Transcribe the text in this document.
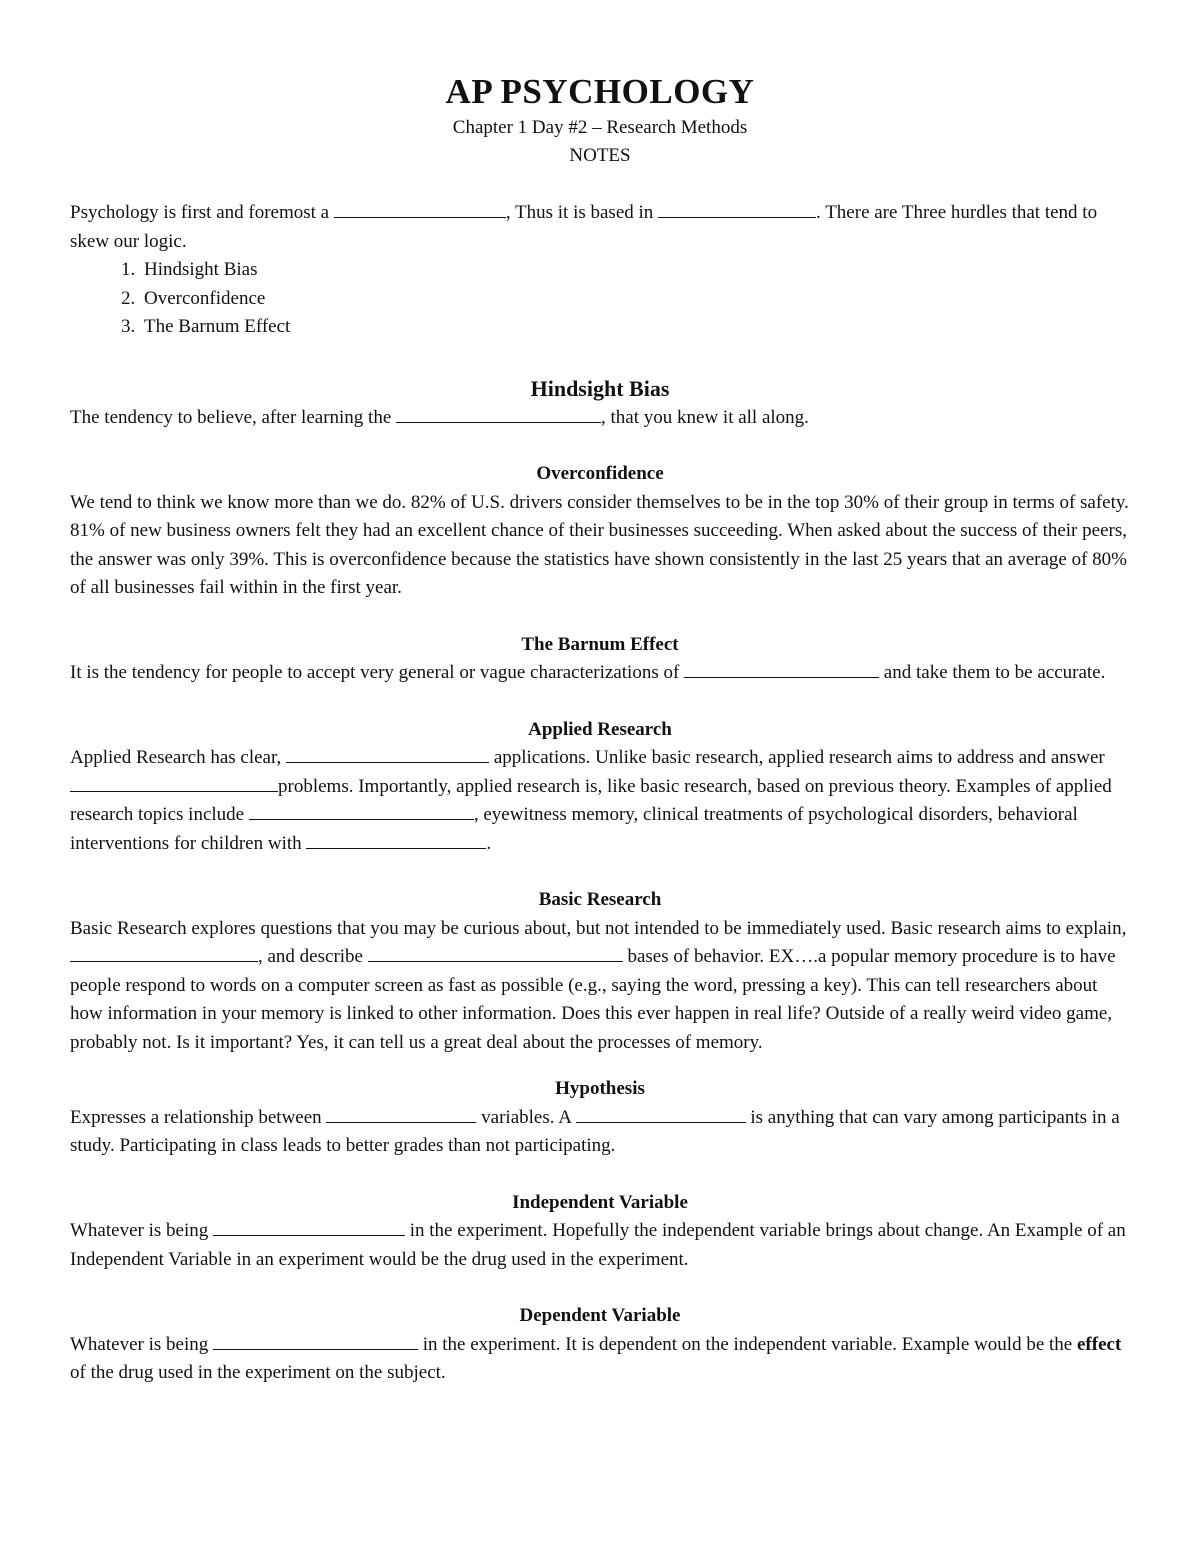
AP PSYCHOLOGY
Chapter 1 Day #2 – Research Methods
NOTES

Psychology is first and foremost a	, Thus it is based in	. There are Three hurdles that tend to skew our logic.

1. Hindsight Bias
2. Overconfidence
3. The Barnum Effect
Hindsight Bias

The tendency to believe, after learning the	, that you knew it all along.

Overconfidence

We tend to think we know more than we do. 82% of U.S. drivers consider themselves to be in the top 30% of their group in terms of safety. 81% of new business owners felt they had an excellent chance of their businesses succeeding. When asked about the success of their peers, the answer was only 39%. This is overconfidence because the statistics have shown consistently in the last 25 years that an average of 80% of all businesses fail within in the first year.

The Barnum Effect

It is the tendency for people to accept very general or vague characterizations of	and take them to be accurate.

Applied Research

Applied Research has clear,	applications. Unlike basic research, applied research aims to address and answer problems. Importantly, applied research is, like basic research, based on previous theory. Examples of applied research topics include	, eyewitness memory, clinical treatments of psychological disorders, behavioral interventions for children with	.

Basic Research

Basic Research explores questions that you may be curious about, but not intended to be immediately used. Basic research aims to explain, , and describe	bases of behavior. EX….a popular memory procedure is to have people respond to words on a computer screen as fast as possible (e.g., saying the word, pressing a key). This can tell researchers about how information in your memory is linked to other information. Does this ever happen in real life? Outside of a really weird video game, probably not. Is it important? Yes, it can tell us a great deal about the processes of memory.

Hypothesis

Expresses a relationship between	variables. A	is anything that can vary among participants in a study. Participating in class leads to better grades than not participating.

Independent Variable

Whatever is being	in the experiment. Hopefully the independent variable brings about change. An Example of an Independent Variable in an experiment would be the drug used in the experiment.

Dependent Variable

Whatever is being	in the experiment. It is dependent on the independent variable. Example would be the effect of the drug used in the experiment on the subject.
